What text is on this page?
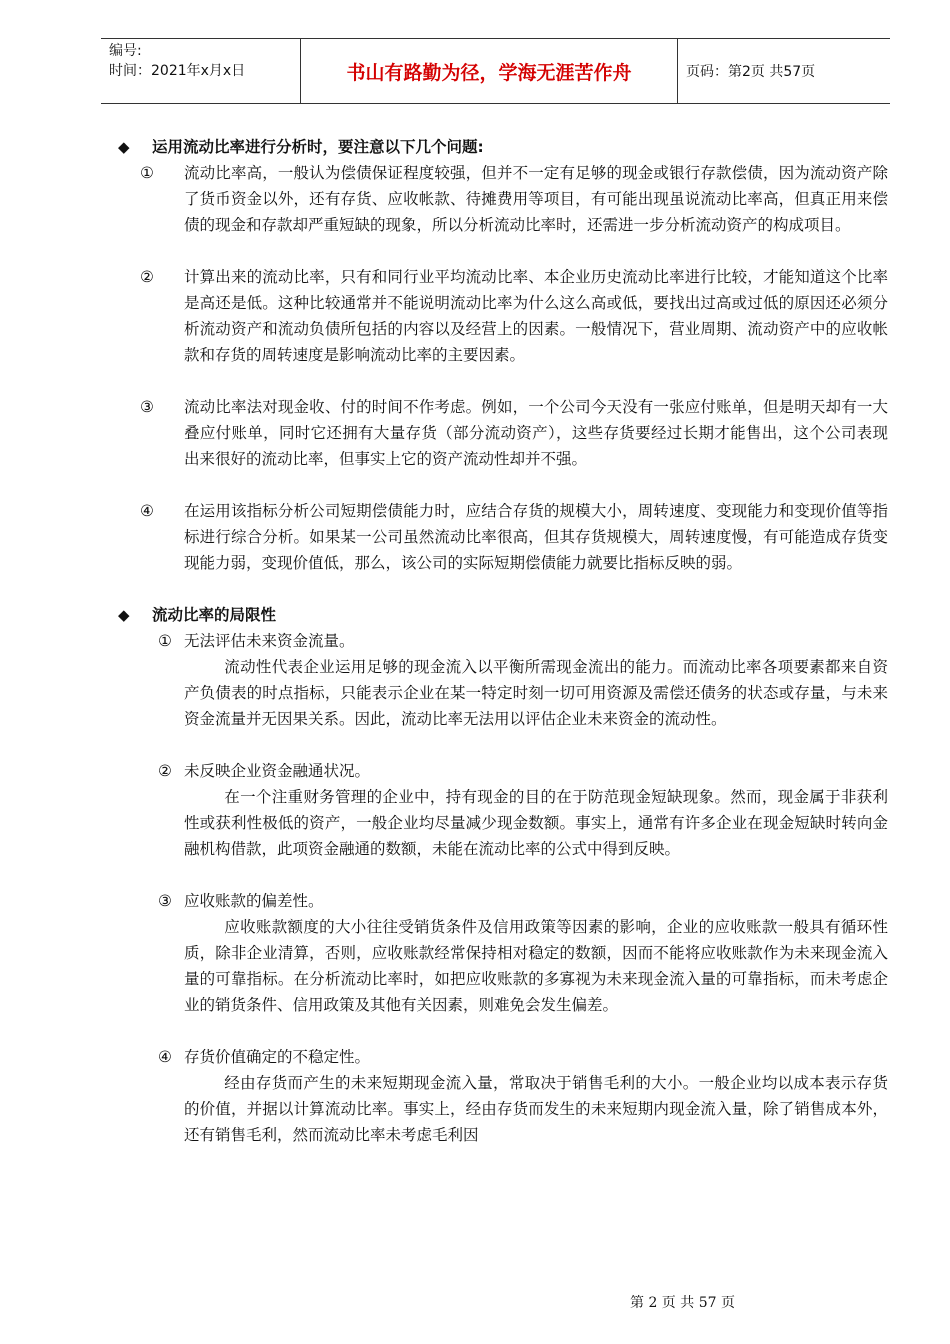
编号:
时间：2021年x月x日	书山有路勤为径，学海无涯苦作舟	页码：第2页 共57页
◆	运用流动比率进行分析时，要注意以下几个问题:
①	流动比率高，一般认为偿债保证程度较强，但并不一定有足够的现金或银行存款偿债，因为流动资产除了货币资金以外，还有存货、应收帐款、待摊费用等项目，有可能出现虽说流动比率高，但真正用来偿债的现金和存款却严重短缺的现象，所以分析流动比率时，还需进一步分析流动资产的构成项目。
②	计算出来的流动比率，只有和同行业平均流动比率、本企业历史流动比率进行比较，才能知道这个比率是高还是低。这种比较通常并不能说明流动比率为什么这么高或低，要找出过高或过低的原因还必须分析流动资产和流动负债所包括的内容以及经营上的因素。一般情况下，营业周期、流动资产中的应收帐款和存货的周转速度是影响流动比率的主要因素。
③	流动比率法对现金收、付的时间不作考虑。例如，一个公司今天没有一张应付账单，但是明天却有一大叠应付账单，同时它还拥有大量存货（部分流动资产），这些存货要经过长期才能售出，这个公司表现出来很好的流动比率，但事实上它的资产流动性却并不强。
④	在运用该指标分析公司短期偿债能力时，应结合存货的规模大小，周转速度、变现能力和变现价值等指标进行综合分析。如果某一公司虽然流动比率很高，但其存货规模大，周转速度慢，有可能造成存货变现能力弱，变现价值低，那么，该公司的实际短期偿债能力就要比指标反映的弱。
◆	流动比率的局限性
① 无法评估未来资金流量。
流动性代表企业运用足够的现金流入以平衡所需现金流出的能力。而流动比率各项要素都来自资产负债表的时点指标，只能表示企业在某一特定时刻一切可用资源及需偿还债务的状态或存量，与未来资金流量并无因果关系。因此，流动比率无法用以评估企业未来资金的流动性。
② 未反映企业资金融通状况。
在一个注重财务管理的企业中，持有现金的目的在于防范现金短缺现象。然而，现金属于非获利性或获利性极低的资产，一般企业均尽量减少现金数额。事实上，通常有许多企业在现金短缺时转向金融机构借款，此项资金融通的数额，未能在流动比率的公式中得到反映。
③ 应收账款的偏差性。
应收账款额度的大小往往受销货条件及信用政策等因素的影响，企业的应收账款一般具有循环性质，除非企业清算，否则，应收账款经常保持相对稳定的数额，因而不能将应收账款作为未来现金流入量的可靠指标。在分析流动比率时，如把应收账款的多寡视为未来现金流入量的可靠指标，而未考虑企业的销货条件、信用政策及其他有关因素，则难免会发生偏差。
④ 存货价值确定的不稳定性。
经由存货而产生的未来短期现金流入量，常取决于销售毛利的大小。一般企业均以成本表示存货的价值，并据以计算流动比率。事实上，经由存货而发生的未来短期内现金流入量，除了销售成本外，还有销售毛利，然而流动比率未考虑毛利因
第 2 页 共 57 页
